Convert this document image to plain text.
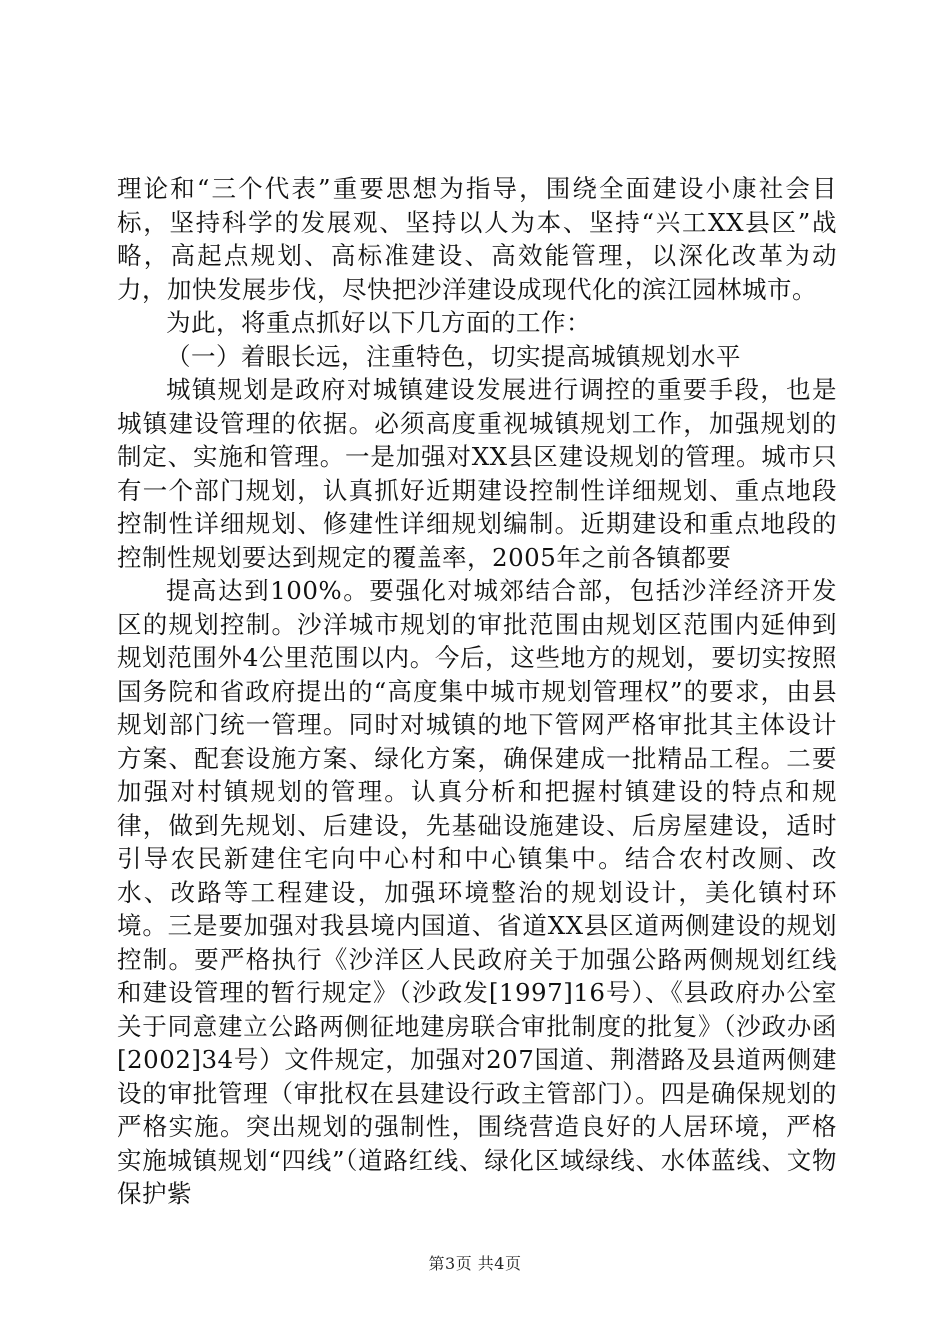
理论和“三个代表”重要思想为指导，围绕全面建设小康社会目标，坚持科学的发展观、坚持以人为本、坚持“兴工XX县区”战略，高起点规划、高标准建设、高效能管理，以深化改革为动力，加快发展步伐，尽快把沙洋建设成现代化的滨江园林城市。

为此，将重点抓好以下几方面的工作：

（一）着眼长远，注重特色，切实提高城镇规划水平

城镇规划是政府对城镇建设发展进行调控的重要手段，也是城镇建设管理的依据。必须高度重视城镇规划工作，加强规划的制定、实施和管理。一是加强对XX县区建设规划的管理。城市只有一个部门规划，认真抓好近期建设控制性详细规划、重点地段控制性详细规划、修建性详细规划编制。近期建设和重点地段的控制性规划要达到规定的覆盖率，2005年之前各镇都要

提高达到100%。要强化对城郊结合部，包括沙洋经济开发区的规划控制。沙洋城市规划的审批范围由规划区范围内延伸到规划范围外4公里范围以内。今后，这些地方的规划，要切实按照国务院和省政府提出的“高度集中城市规划管理权”的要求，由县规划部门统一管理。同时对城镇的地下管网严格审批其主体设计方案、配套设施方案、绿化方案，确保建成一批精品工程。二要加强对村镇规划的管理。认真分析和把握村镇建设的特点和规律，做到先规划、后建设，先基础设施建设、后房屋建设，适时引导农民新建住宅向中心村和中心镇集中。结合农村改厕、改水、改路等工程建设，加强环境整治的规划设计，美化镇村环境。三是要加强对我县境内国道、省道XX县区道两侧建设的规划控制。要严格执行《沙洋区人民政府关于加强公路两侧规划红线和建设管理的暂行规定》（沙政发[1997]16号）、《县政府办公室关于同意建立公路两侧征地建房联合审批制度的批复》（沙政办函[2002]34号）文件规定，加强对207国道、荆潜路及县道两侧建设的审批管理（审批权在县建设行政主管部门）。四是确保规划的严格实施。突出规划的强制性，围绕营造良好的人居环境，严格实施城镇规划“四线”（道路红线、绿化区域绿线、水体蓝线、文物保护紫

第3页 共4页
